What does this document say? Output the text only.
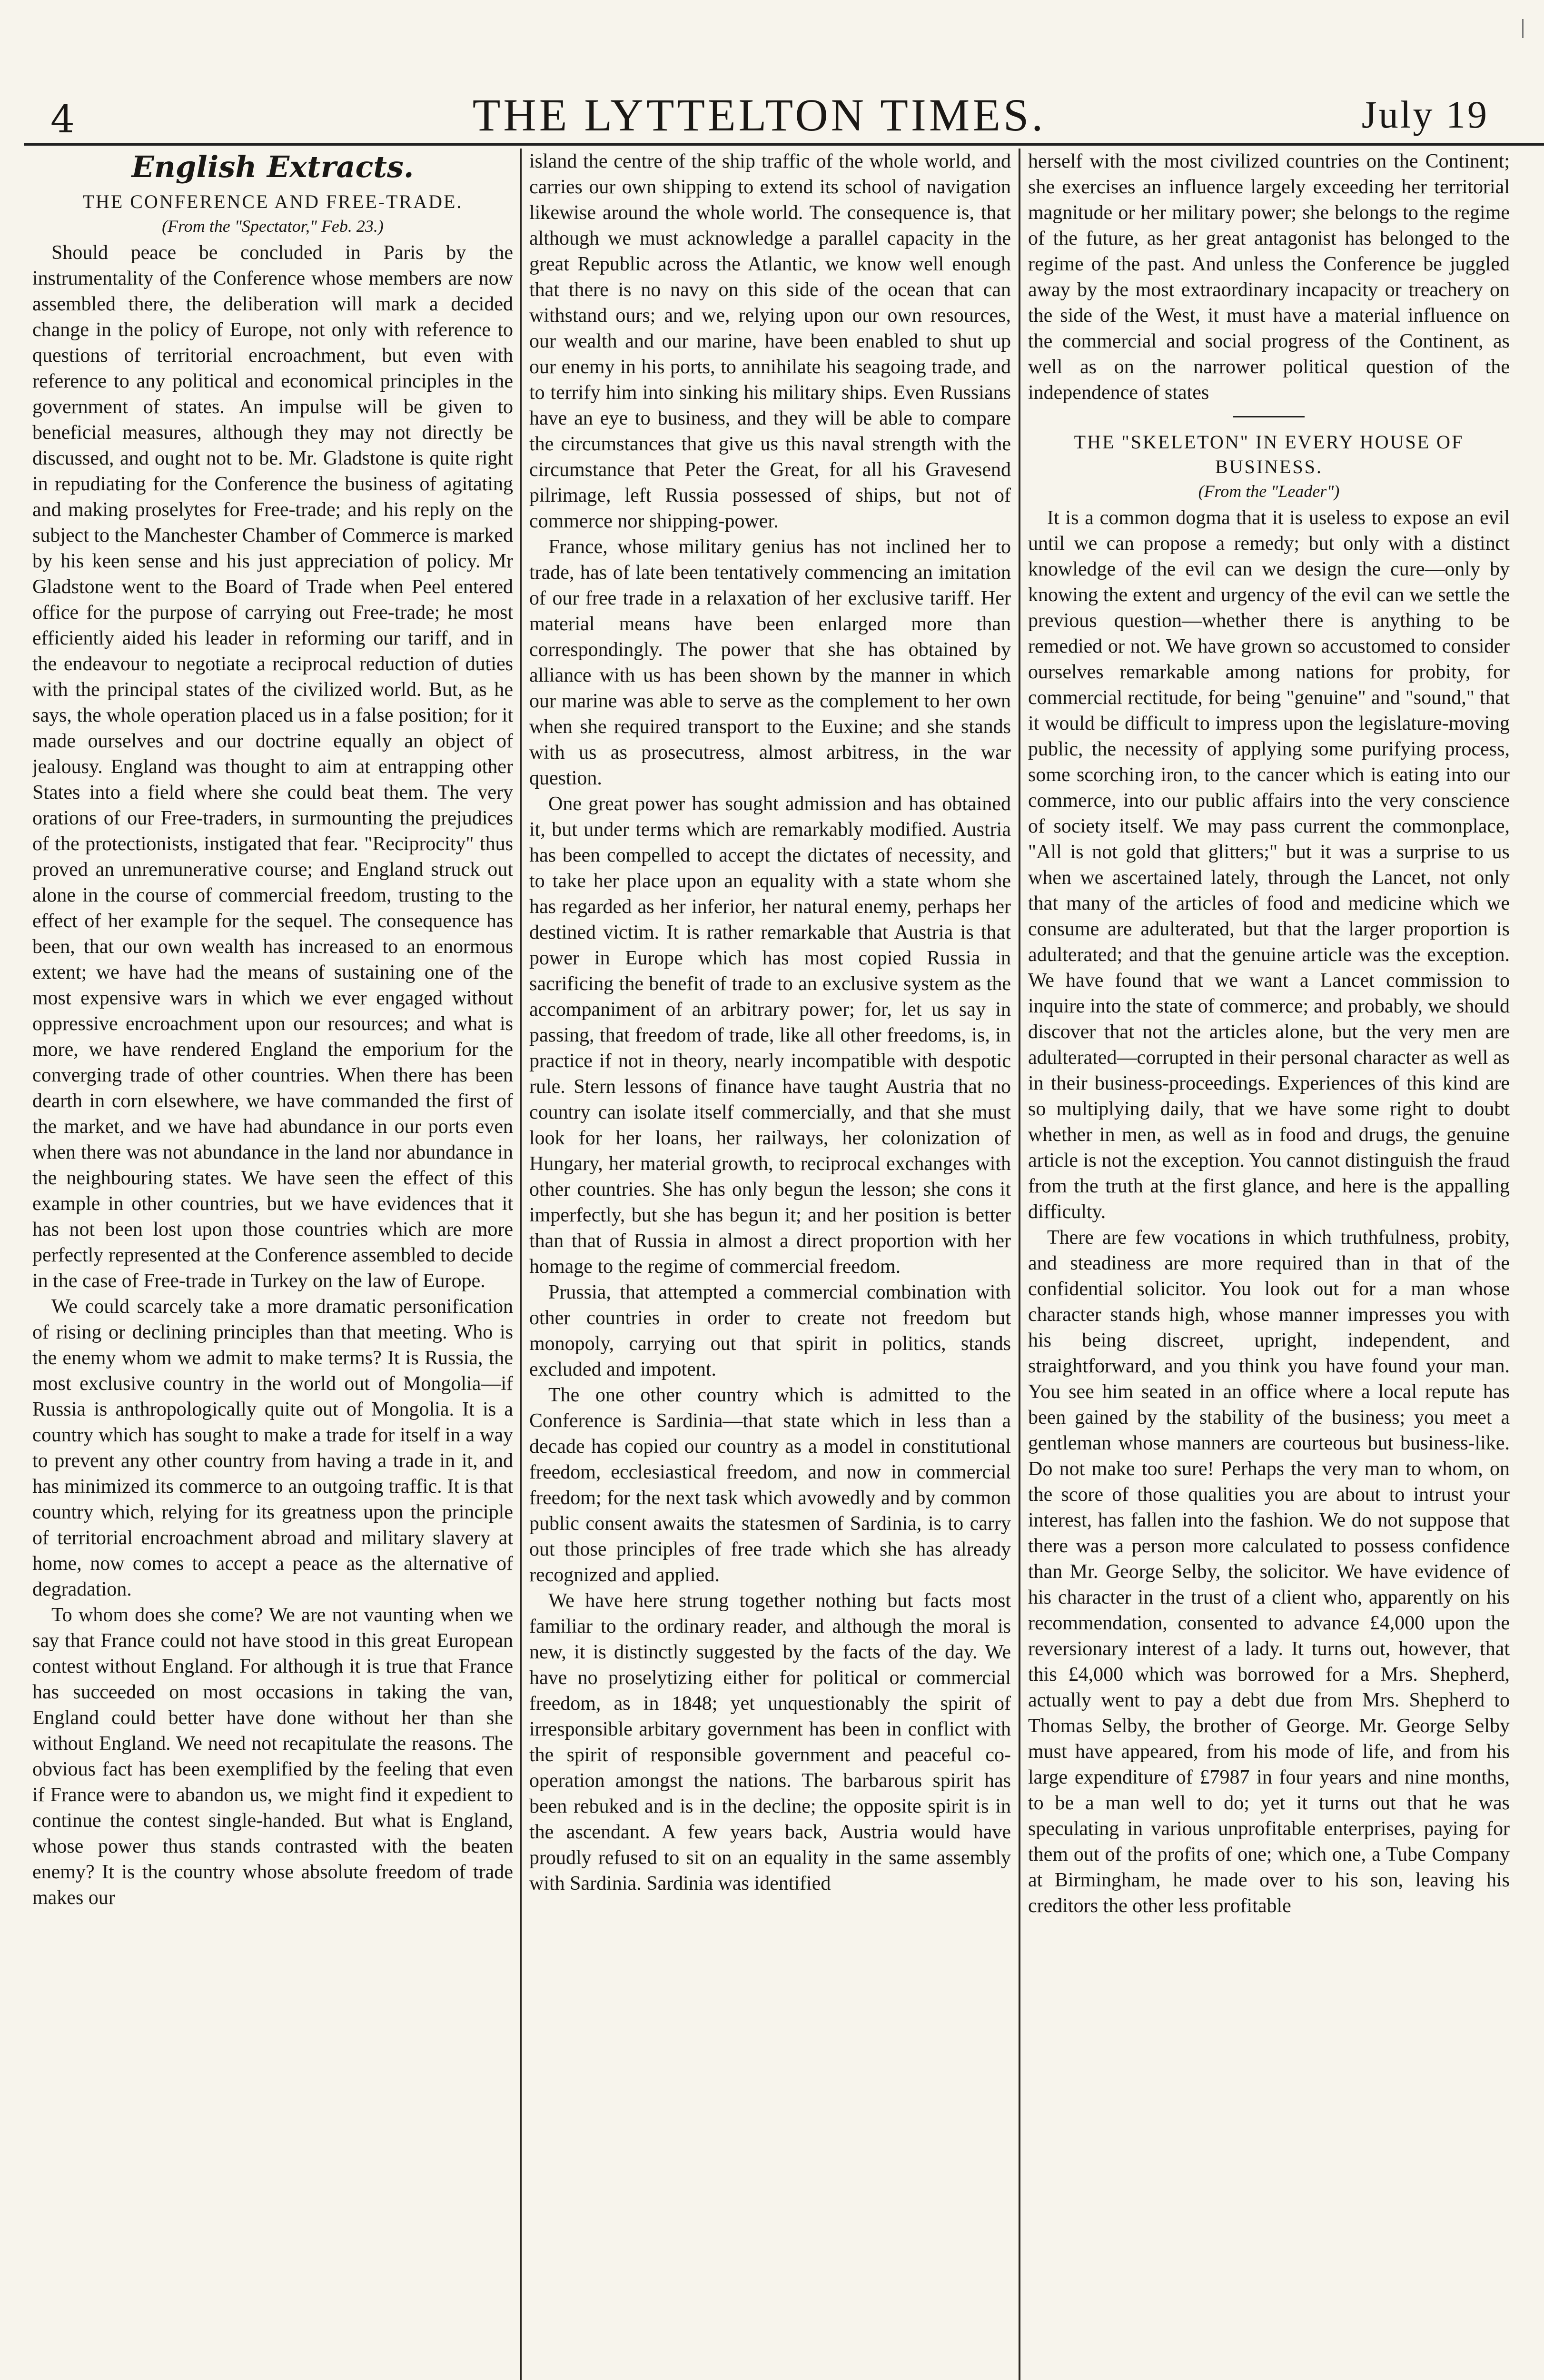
4	THE LYTTELTON TIMES.	July 19
English Extracts.

THE CONFERENCE AND FREE-TRADE.

(From the "Spectator," Feb. 23.)

Should peace be concluded in Paris by the instrumentality of the Conference whose members are now assembled there, the deliberation will mark a decided change in the policy of Europe, not only with reference to questions of territorial encroachment, but even with reference to any political and economical principles in the government of states. An impulse will be given to beneficial measures, although they may not directly be discussed, and ought not to be. Mr. Gladstone is quite right in repudiating for the Conference the business of agitating and making proselytes for Free-trade; and his reply on the subject to the Manchester Chamber of Commerce is marked by his keen sense and his just appreciation of policy. Mr Gladstone went to the Board of Trade when Peel entered office for the purpose of carrying out Free-trade; he most efficiently aided his leader in reforming our tariff, and in the endeavour to negotiate a reciprocal reduction of duties with the principal states of the civilized world. But, as he says, the whole operation placed us in a false position; for it made ourselves and our doctrine equally an object of jealousy. England was thought to aim at entrapping other States into a field where she could beat them. The very orations of our Free-traders, in surmounting the prejudices of the protectionists, instigated that fear. "Reciprocity" thus proved an unremunerative course; and England struck out alone in the course of commercial freedom, trusting to the effect of her example for the sequel. The consequence has been, that our own wealth has increased to an enormous extent; we have had the means of sustaining one of the most expensive wars in which we ever engaged without oppressive encroachment upon our resources; and what is more, we have rendered England the emporium for the converging trade of other countries. When there has been dearth in corn elsewhere, we have commanded the first of the market, and we have had abundance in our ports even when there was not abundance in the land nor abundance in the neighbouring states. We have seen the effect of this example in other countries, but we have evidences that it has not been lost upon those countries which are more perfectly represented at the Conference assembled to decide in the case of Free-trade in Turkey on the law of Europe.

We could scarcely take a more dramatic personification of rising or declining principles than that meeting. Who is the enemy whom we admit to make terms? It is Russia, the most exclusive country in the world out of Mongolia—if Russia is anthropologically quite out of Mongolia. It is a country which has sought to make a trade for itself in a way to prevent any other country from having a trade in it, and has minimized its commerce to an outgoing traffic. It is that country which, relying for its greatness upon the principle of territorial encroachment abroad and military slavery at home, now comes to accept a peace as the alternative of degradation.

To whom does she come? We are not vaunting when we say that France could not have stood in this great European contest without England. For although it is true that France has succeeded on most occasions in taking the van, England could better have done without her than she without England. We need not recapitulate the reasons. The obvious fact has been exemplified by the feeling that even if France were to abandon us, we might find it expedient to continue the contest single-handed. But what is England, whose power thus stands contrasted with the beaten enemy? It is the country whose absolute freedom of trade makes our

island the centre of the ship traffic of the whole world, and carries our own shipping to extend its school of navigation likewise around the whole world. The consequence is, that although we must acknowledge a parallel capacity in the great Republic across the Atlantic, we know well enough that there is no navy on this side of the ocean that can withstand ours; and we, relying upon our own resources, our wealth and our marine, have been enabled to shut up our enemy in his ports, to annihilate his seagoing trade, and to terrify him into sinking his military ships. Even Russians have an eye to business, and they will be able to compare the circumstances that give us this naval strength with the circumstance that Peter the Great, for all his Gravesend pilrimage, left Russia possessed of ships, but not of commerce nor shipping-power.

France, whose military genius has not inclined her to trade, has of late been tentatively commencing an imitation of our free trade in a relaxation of her exclusive tariff. Her material means have been enlarged more than correspondingly. The power that she has obtained by alliance with us has been shown by the manner in which our marine was able to serve as the complement to her own when she required transport to the Euxine; and she stands with us as prosecutress, almost arbitress, in the war question.

One great power has sought admission and has obtained it, but under terms which are remarkably modified. Austria has been compelled to accept the dictates of necessity, and to take her place upon an equality with a state whom she has regarded as her inferior, her natural enemy, perhaps her destined victim. It is rather remarkable that Austria is that power in Europe which has most copied Russia in sacrificing the benefit of trade to an exclusive system as the accompaniment of an arbitrary power; for, let us say in passing, that freedom of trade, like all other freedoms, is, in practice if not in theory, nearly incompatible with despotic rule. Stern lessons of finance have taught Austria that no country can isolate itself commercially, and that she must look for her loans, her railways, her colonization of Hungary, her material growth, to reciprocal exchanges with other countries. She has only begun the lesson; she cons it imperfectly, but she has begun it; and her position is better than that of Russia in almost a direct proportion with her homage to the regime of commercial freedom.

Prussia, that attempted a commercial combination with other countries in order to create not freedom but monopoly, carrying out that spirit in politics, stands excluded and impotent.

The one other country which is admitted to the Conference is Sardinia—that state which in less than a decade has copied our country as a model in constitutional freedom, ecclesiastical freedom, and now in commercial freedom; for the next task which avowedly and by common public consent awaits the statesmen of Sardinia, is to carry out those principles of free trade which she has already recognized and applied.

We have here strung together nothing but facts most familiar to the ordinary reader, and although the moral is new, it is distinctly suggested by the facts of the day. We have no proselytizing either for political or commercial freedom, as in 1848; yet unquestionably the spirit of irresponsible arbitary government has been in conflict with the spirit of responsible government and peaceful co-operation amongst the nations. The barbarous spirit has been rebuked and is in the decline; the opposite spirit is in the ascendant. A few years back, Austria would have proudly refused to sit on an equality in the same assembly with Sardinia. Sardinia was identified

herself with the most civilized countries on the Continent; she exercises an influence largely exceeding her territorial magnitude or her military power; she belongs to the regime of the future, as her great antagonist has belonged to the regime of the past. And unless the Conference be juggled away by the most extraordinary incapacity or treachery on the side of the West, it must have a material influence on the commercial and social progress of the Continent, as well as on the narrower political question of the independence of states

THE "SKELETON" IN EVERY HOUSE OF BUSINESS.

(From the "Leader")

It is a common dogma that it is useless to expose an evil until we can propose a remedy; but only with a distinct knowledge of the evil can we design the cure—only by knowing the extent and urgency of the evil can we settle the previous question—whether there is anything to be remedied or not. We have grown so accustomed to consider ourselves remarkable among nations for probity, for commercial rectitude, for being "genuine" and "sound," that it would be difficult to impress upon the legislature-moving public, the necessity of applying some purifying process, some scorching iron, to the cancer which is eating into our commerce, into our public affairs into the very conscience of society itself. We may pass current the commonplace, "All is not gold that glitters;" but it was a surprise to us when we ascertained lately, through the Lancet, not only that many of the articles of food and medicine which we consume are adulterated, but that the larger proportion is adulterated; and that the genuine article was the exception. We have found that we want a Lancet commission to inquire into the state of commerce; and probably, we should discover that not the articles alone, but the very men are adulterated—corrupted in their personal character as well as in their business-proceedings. Experiences of this kind are so multiplying daily, that we have some right to doubt whether in men, as well as in food and drugs, the genuine article is not the exception. You cannot distinguish the fraud from the truth at the first glance, and here is the appalling difficulty.

There are few vocations in which truthfulness, probity, and steadiness are more required than in that of the confidential solicitor. You look out for a man whose character stands high, whose manner impresses you with his being discreet, upright, independent, and straightforward, and you think you have found your man. You see him seated in an office where a local repute has been gained by the stability of the business; you meet a gentleman whose manners are courteous but business-like. Do not make too sure! Perhaps the very man to whom, on the score of those qualities you are about to intrust your interest, has fallen into the fashion. We do not suppose that there was a person more calculated to possess confidence than Mr. George Selby, the solicitor. We have evidence of his character in the trust of a client who, apparently on his recommendation, consented to advance £4,000 upon the reversionary interest of a lady. It turns out, however, that this £4,000 which was borrowed for a Mrs. Shepherd, actually went to pay a debt due from Mrs. Shepherd to Thomas Selby, the brother of George. Mr. George Selby must have appeared, from his mode of life, and from his large expenditure of £7987 in four years and nine months, to be a man well to do; yet it turns out that he was speculating in various unprofitable enterprises, paying for them out of the profits of one; which one, a Tube Company at Birmingham, he made over to his son, leaving his creditors the other less profitable
